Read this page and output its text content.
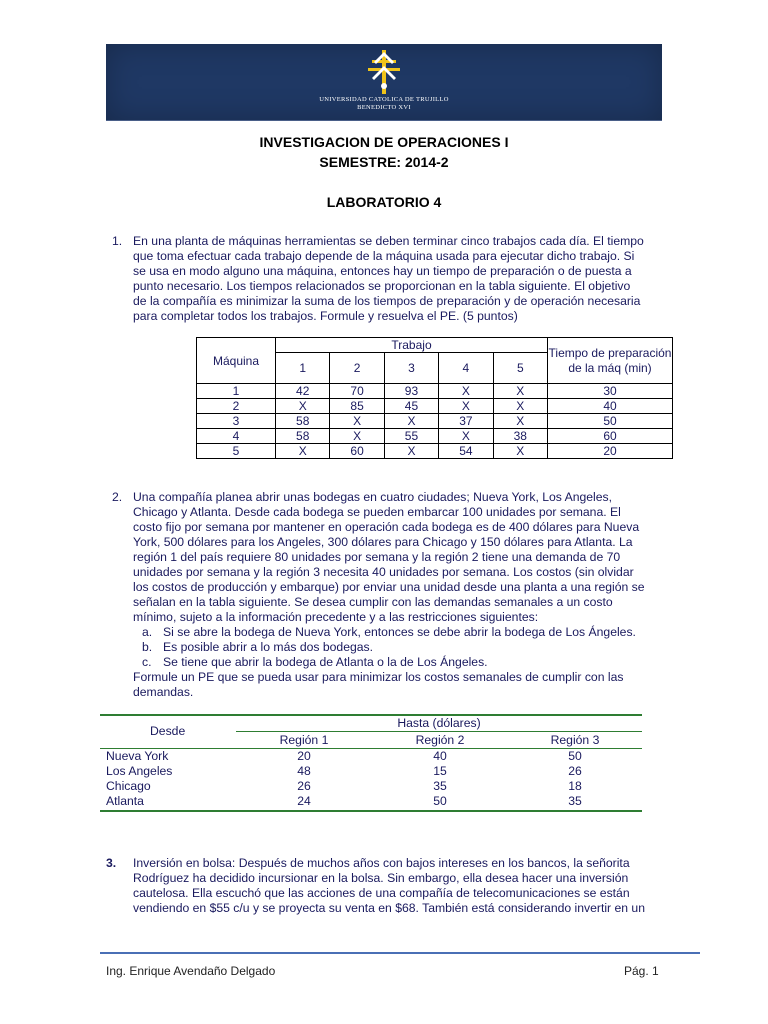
UNIVERSIDAD CATOLICA DE TRUJILLO
BENEDICTO XVI
INVESTIGACION DE OPERACIONES I
SEMESTRE: 2014-2
LABORATORIO 4
1. En una planta de máquinas herramientas se deben terminar cinco trabajos cada día. El tiempo
que toma efectuar cada trabajo depende de la máquina usada para ejecutar dicho trabajo. Si
se usa en modo alguno una máquina, entonces hay un tiempo de preparación o de puesta a
punto necesario. Los tiempos relacionados se proporcionan en la tabla siguiente. El objetivo
de la compañía es minimizar la suma de los tiempos de preparación y de operación necesaria
para completar todos los trabajos. Formule y resuelva el PE. (5 puntos)
Máquina	Trabajo					Tiempo de preparación de la máq (min)
	1	2	3	4	5	
1	42	70	93	X	X	30
2	X	85	45	X	X	40
3	58	X	X	37	X	50
4	58	X	55	X	38	60
5	X	60	X	54	X	20
2. Una compañía planea abrir unas bodegas en cuatro ciudades; Nueva York, Los Angeles,
Chicago y Atlanta. Desde cada bodega se pueden embarcar 100 unidades por semana. El
costo fijo por semana por mantener en operación cada bodega es de 400 dólares para Nueva
York, 500 dólares para los Angeles, 300 dólares para Chicago y 150 dólares para Atlanta. La
región 1 del país requiere 80 unidades por semana y la región 2 tiene una demanda de 70
unidades por semana y la región 3 necesita 40 unidades por semana. Los costos (sin olvidar
los costos de producción y embarque) por enviar una unidad desde una planta a una región se
señalan en la tabla siguiente. Se desea cumplir con las demandas semanales a un costo
mínimo, sujeto a la información precedente y a las restricciones siguientes:
a. Si se abre la bodega de Nueva York, entonces se debe abrir la bodega de Los Ángeles.
b. Es posible abrir a lo más dos bodegas.
c. Se tiene que abrir la bodega de Atlanta o la de Los Ángeles.
Formule un PE que se pueda usar para minimizar los costos semanales de cumplir con las
demandas.
Desde
Hasta (dólares)
Región 1	Región 2	Región 3
Nueva York	20	40	50
Los Angeles	48	15	26
Chicago	26	35	18
Atlanta	24	50	35
3. Inversión en bolsa: Después de muchos años con bajos intereses en los bancos, la señorita
Rodríguez ha decidido incursionar en la bolsa. Sin embargo, ella desea hacer una inversión
cautelosa. Ella escuchó que las acciones de una compañía de telecomunicaciones se están
vendiendo en $55 c/u y se proyecta su venta en $68. También está considerando invertir en un
Ing. Enrique Avendaño Delgado	Pág. 1
